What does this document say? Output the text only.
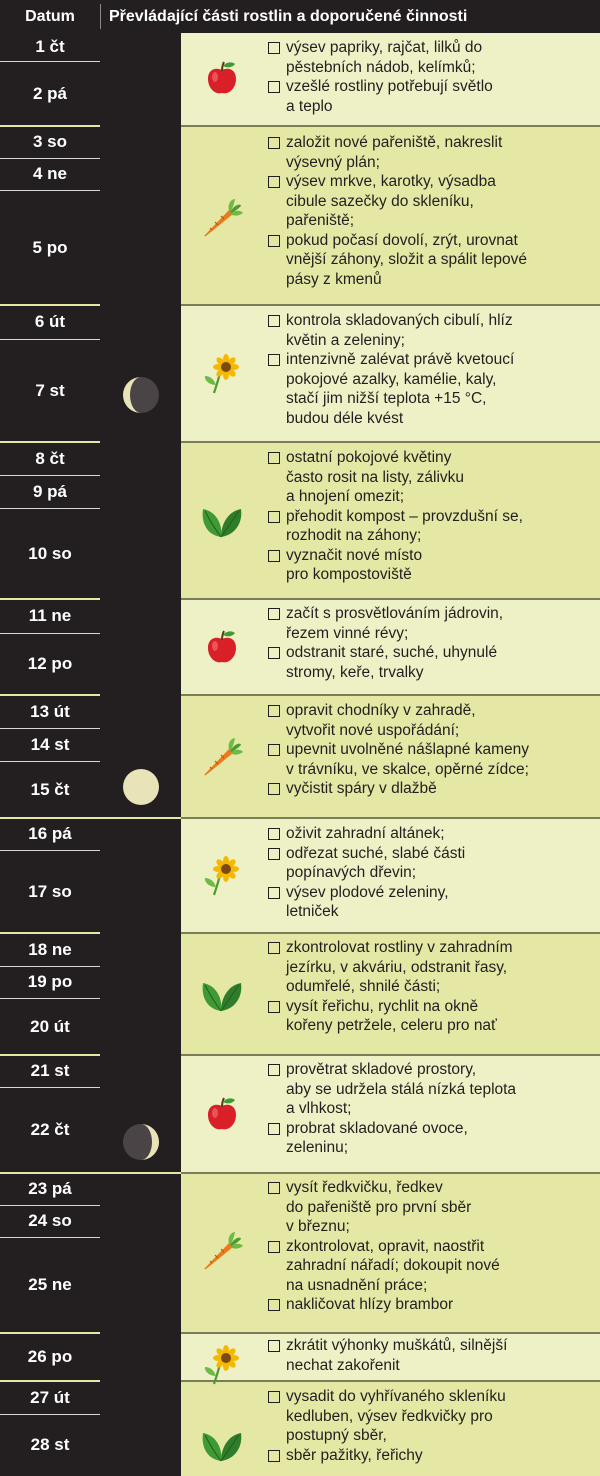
Datum	Převládající části rostlin a doporučené činnosti
1 čt
2 pá
výsev papriky, rajčat, lilků do
pěstebních nádob, kelímků;
vzešlé rostliny potřebují světlo
a teplo
3 so
4 ne
5 po
založit nové pařeniště, nakreslit
výsevný plán;
výsev mrkve, karotky, výsadba
cibule sazečky do skleníku,
pařeniště;
pokud počasí dovolí, zrýt, urovnat
vnější záhony, složit a spálit lepové
pásy z kmenů
6 út
7 st
kontrola skladovaných cibulí, hlíz
květin a zeleniny;
intenzivně zalévat právě kvetoucí
pokojové azalky, kamélie, kaly,
stačí jim nižší teplota +15 °C,
budou déle kvést
8 čt
9 pá
10 so
ostatní pokojové květiny
často rosit na listy, zálivku
a hnojení omezit;
přehodit kompost – provzdušní se,
rozhodit na záhony;
vyznačit nové místo
pro kompostoviště
11 ne
12 po
začít s prosvětlováním jádrovin,
řezem vinné révy;
odstranit staré, suché, uhynulé
stromy, keře, trvalky
13 út
14 st
15 čt
opravit chodníky v zahradě,
vytvořit nové uspořádání;
upevnit uvolněné nášlapné kameny
v trávníku, ve skalce, opěrné zídce;
vyčistit spáry v dlažbě
16 pá
17 so
oživit zahradní altánek;
odřezat suché, slabé části
popínavých dřevin;
výsev plodové zeleniny,
letniček
18 ne
19 po
20 út
zkontrolovat rostliny v zahradním
jezírku, v akváriu, odstranit řasy,
odumřelé, shnilé části;
vysít řeřichu, rychlit na okně
kořeny petržele, celeru pro nať
21 st
22 čt
provětrat skladové prostory,
aby se udržela stálá nízká teplota
a vlhkost;
probrat skladované ovoce,
zeleninu;
23 pá
24 so
25 ne
vysít ředkvičku, ředkev
do pařeniště pro první sběr
v březnu;
zkontrolovat, opravit, naostřit
zahradní nářadí; dokoupit nové
na usnadnění práce;
nakličovat hlízy brambor
26 po
zkrátit výhonky muškátů, silnější
nechat zakořenit
27 út
28 st
vysadit do vyhřívaného skleníku
kedluben, výsev ředkvičky pro
postupný sběr,
sběr pažitky, řeřichy
